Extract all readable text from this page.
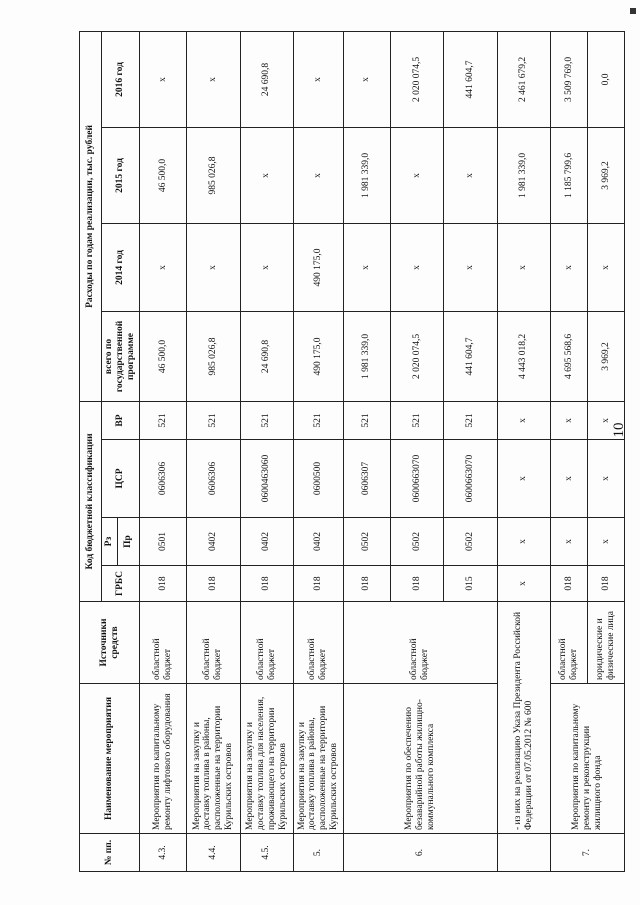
10
№ пп.	Наименование мероприятия	Источники средств	Код бюджетной классификации				Расходы по годам реализации, тыс. рублей			
			ГРБС	Рз	ЦСР	ВР	всего по государственной программе	2014 год	2015 год	2016 год
				Пр						
4.3.	Мероприятия по капитальному ремонту лифтового оборудования	областной бюджет	018	0501	0606306	521	46 500,0	х	46 500,0	х
4.4.	Мероприятия на закупку и доставку топлива в районы, расположенные на территории Курильских островов	областной бюджет	018	0402	0606306	521	985 026,8	х	985 026,8	х
4.5.	Мероприятия на закупку и доставку топлива для населения, проживающего на территории Курильских островов	областной бюджет	018	0402	0600463060	521	24 690,8	х	х	24 690,8
5.	Мероприятия на закупку и доставку топлива в районы, расположенные на территории Курильских островов	областной бюджет	018	0402	0600500	521	490 175,0	490 175,0	х	х
6.	Мероприятия по обеспечению безаварийной работы жилищно-коммунального комплекса	областной бюджет	018	0502	0606307	521	1 981 339,0	х	1 981 339,0	х
			018	0502	0600663070	521	2 020 074,5	х	х	2 020 074,5
			015	0502	0600663070	521	441 604,7	х	х	441 604,7
	- из них на реализацию Указа Президента Российской Федерации от 07.05.2012 № 600		х	х	х	х	4 443 018,2	х	1 981 339,0	2 461 679,2
7.	Мероприятия по капитальному ремонту и реконструкции жилищного фонда	областной бюджет	018	х	х	х	4 695 568,6	х	1 185 799,6	3 509 769,0
		юридические и физические лица	018	х	х	х	3 969,2	х	3 969,2	0,0
